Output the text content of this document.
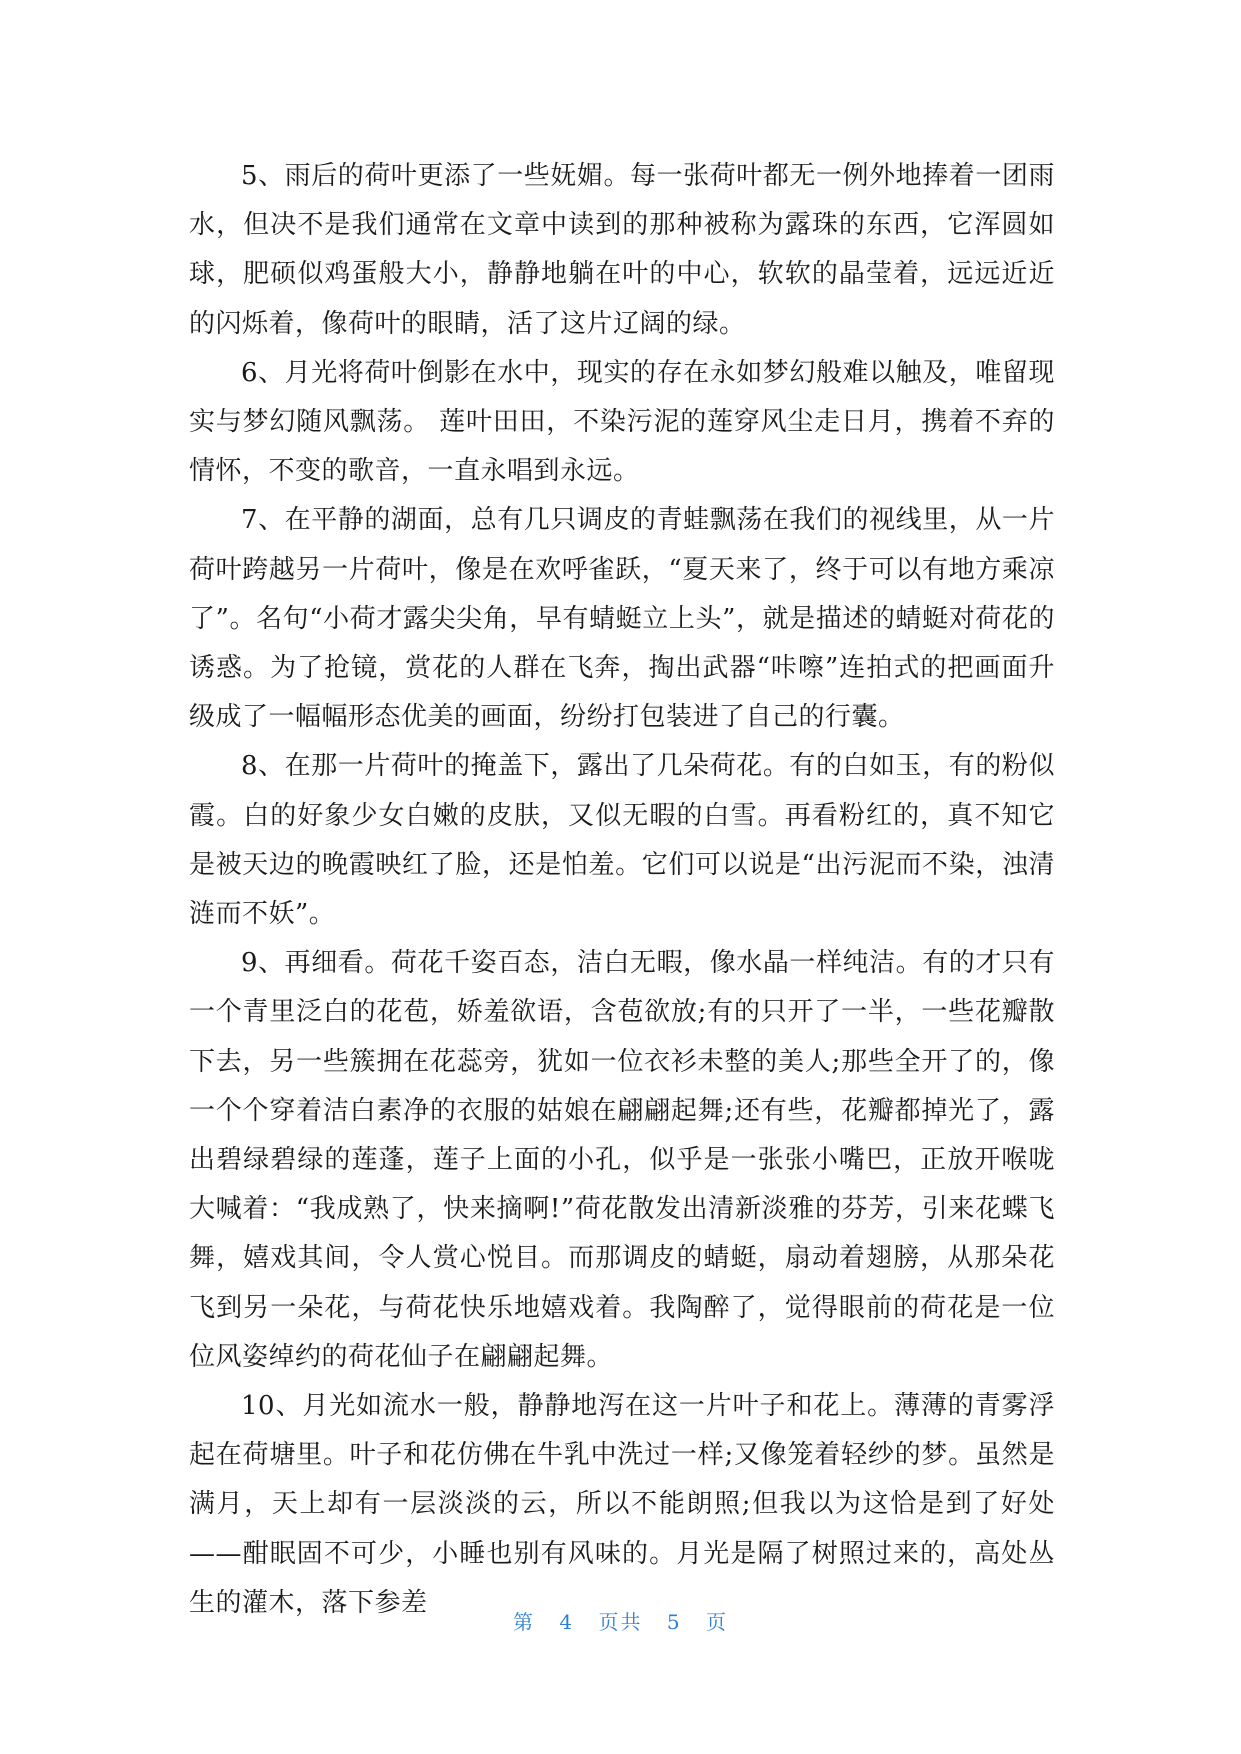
5、雨后的荷叶更添了一些妩媚。每一张荷叶都无一例外地捧着一团雨水，但决不是我们通常在文章中读到的那种被称为露珠的东西，它浑圆如球，肥硕似鸡蛋般大小，静静地躺在叶的中心，软软的晶莹着，远远近近的闪烁着，像荷叶的眼睛，活了这片辽阔的绿。

6、月光将荷叶倒影在水中，现实的存在永如梦幻般难以触及，唯留现实与梦幻随风飘荡。 莲叶田田，不染污泥的莲穿风尘走日月，携着不弃的情怀，不变的歌音，一直永唱到永远。

7、在平静的湖面，总有几只调皮的青蛙飘荡在我们的视线里，从一片荷叶跨越另一片荷叶，像是在欢呼雀跃，“夏天来了，终于可以有地方乘凉了”。名句“小荷才露尖尖角，早有蜻蜓立上头”，就是描述的蜻蜓对荷花的诱惑。为了抢镜，赏花的人群在飞奔，掏出武器“咔嚓”连拍式的把画面升级成了一幅幅形态优美的画面，纷纷打包装进了自己的行囊。

8、在那一片荷叶的掩盖下，露出了几朵荷花。有的白如玉，有的粉似霞。白的好象少女白嫩的皮肤，又似无暇的白雪。再看粉红的，真不知它是被天边的晚霞映红了脸，还是怕羞。它们可以说是“出污泥而不染，浊清涟而不妖”。

9、再细看。荷花千姿百态，洁白无暇，像水晶一样纯洁。有的才只有一个青里泛白的花苞，娇羞欲语，含苞欲放;有的只开了一半，一些花瓣散下去，另一些簇拥在花蕊旁，犹如一位衣衫未整的美人;那些全开了的，像一个个穿着洁白素净的衣服的姑娘在翩翩起舞;还有些，花瓣都掉光了，露出碧绿碧绿的莲蓬，莲子上面的小孔，似乎是一张张小嘴巴，正放开喉咙大喊着：“我成熟了，快来摘啊!”荷花散发出清新淡雅的芬芳，引来花蝶飞舞，嬉戏其间，令人赏心悦目。而那调皮的蜻蜓，扇动着翅膀，从那朵花飞到另一朵花，与荷花快乐地嬉戏着。我陶醉了，觉得眼前的荷花是一位位风姿绰约的荷花仙子在翩翩起舞。

10、月光如流水一般，静静地泻在这一片叶子和花上。薄薄的青雾浮起在荷塘里。叶子和花仿佛在牛乳中洗过一样;又像笼着轻纱的梦。虽然是满月，天上却有一层淡淡的云，所以不能朗照;但我以为这恰是到了好处——酣眠固不可少，小睡也别有风味的。月光是隔了树照过来的，高处丛生的灌木，落下参差

第 4 页共 5 页
